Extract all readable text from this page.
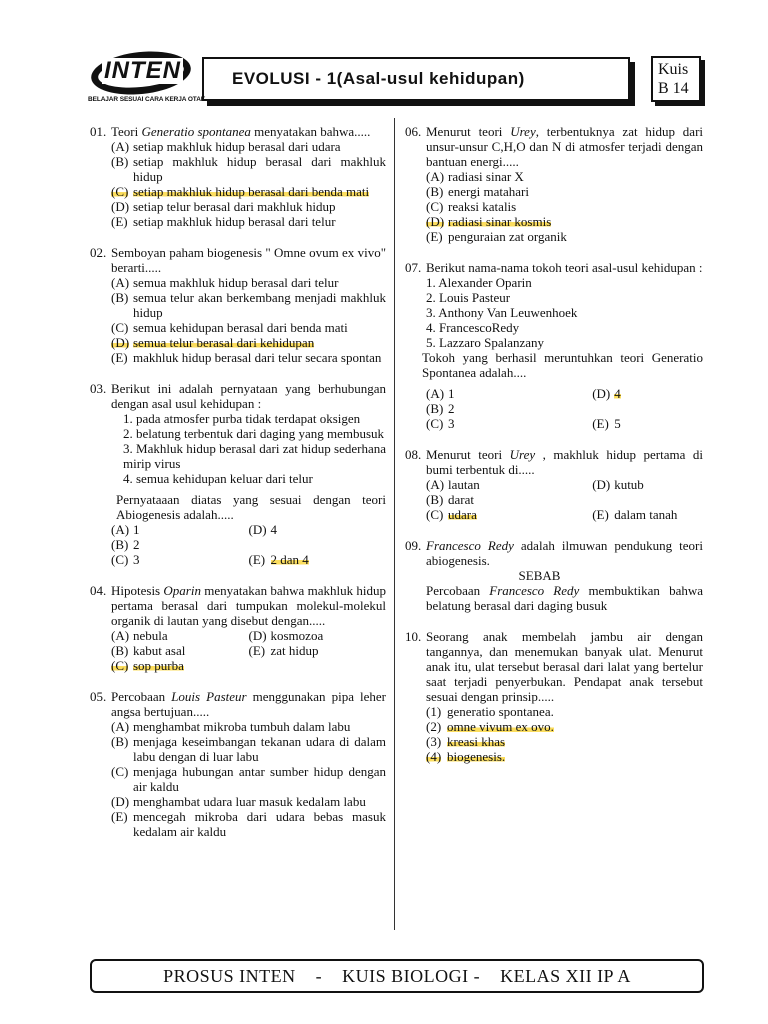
INTEN
BELAJAR SESUAI CARA KERJA OTAK
EVOLUSI - 1(Asal-usul kehidupan)	Kuis
B 14
01. Teori Generatio spontanea menyatakan bahwa.....
(A) setiap makhluk hidup berasal dari udara
(B) setiap makhluk hidup berasal dari makhluk hidup
(C) setiap makhluk hidup berasal dari benda mati
(D) setiap telur berasal dari makhluk hidup
(E) setiap makhluk hidup berasal dari telur
02. Semboyan paham biogenesis " Omne ovum ex vivo" berarti.....
(A) semua makhluk hidup berasal dari telur
(B) semua telur akan berkembang menjadi makhluk hidup
(C) semua kehidupan berasal dari benda mati
(D) semua telur berasal dari kehidupan
(E) makhluk hidup berasal dari telur secara spontan
03. Berikut ini adalah pernyataan yang berhubungan dengan asal usul kehidupan :
1. pada atmosfer purba tidak terdapat oksigen
2. belatung terbentuk dari daging yang membusuk
3. Makhluk hidup berasal dari zat hidup sederhana mirip virus
4. semua kehidupan keluar dari telur
Pernyataaan diatas yang sesuai dengan teori Abiogenesis adalah.....
(A) 1	(D) 4
(B) 2
(C) 3	(E) 2 dan 4
04. Hipotesis Oparin menyatakan bahwa makhluk hidup pertama berasal dari tumpukan molekul-molekul organik di lautan yang disebut dengan.....
(A) nebula	(D) kosmozoa
(B) kabut asal	(E) zat hidup
(C) sop purba
05. Percobaan Louis Pasteur menggunakan pipa leher angsa bertujuan.....
(A) menghambat mikroba tumbuh dalam labu
(B) menjaga keseimbangan tekanan udara di dalam labu dengan di luar labu
(C) menjaga hubungan antar sumber hidup dengan air kaldu
(D) menghambat udara luar masuk kedalam labu
(E) mencegah mikroba dari udara bebas masuk kedalam air kaldu
06. Menurut teori Urey, terbentuknya zat hidup dari unsur-unsur C,H,O dan N di atmosfer terjadi dengan bantuan energi.....
(A) radiasi sinar X
(B) energi matahari
(C) reaksi katalis
(D) radiasi sinar kosmis
(E) penguraian zat organik
07. Berikut nama-nama tokoh teori asal-usul kehidupan :
1. Alexander Oparin
2. Louis Pasteur
3. Anthony Van Leuwenhoek
4. FrancescoRedy
5. Lazzaro Spalanzany
Tokoh yang berhasil meruntuhkan teori Generatio Spontanea adalah....
(A) 1	(D) 4
(B) 2
(C) 3	(E) 5
08. Menurut teori Urey , makhluk hidup pertama di bumi terbentuk di.....
(A) lautan	(D) kutub
(B) darat
(C) udara	(E) dalam tanah
09. Francesco Redy adalah ilmuwan pendukung teori abiogenesis.
SEBAB
Percobaan Francesco Redy membuktikan bahwa belatung berasal dari daging busuk
10. Seorang anak membelah jambu air dengan tangannya, dan menemukan banyak ulat. Menurut anak itu, ulat tersebut berasal dari lalat yang bertelur saat terjadi penyerbukan. Pendapat anak tersebut sesuai dengan prinsip.....
(1) generatio spontanea.
(2) omne vivum ex ovo.
(3) kreasi khas
(4) biogenesis.
PROSUS INTEN - KUIS BIOLOGI - KELAS XII IP A
